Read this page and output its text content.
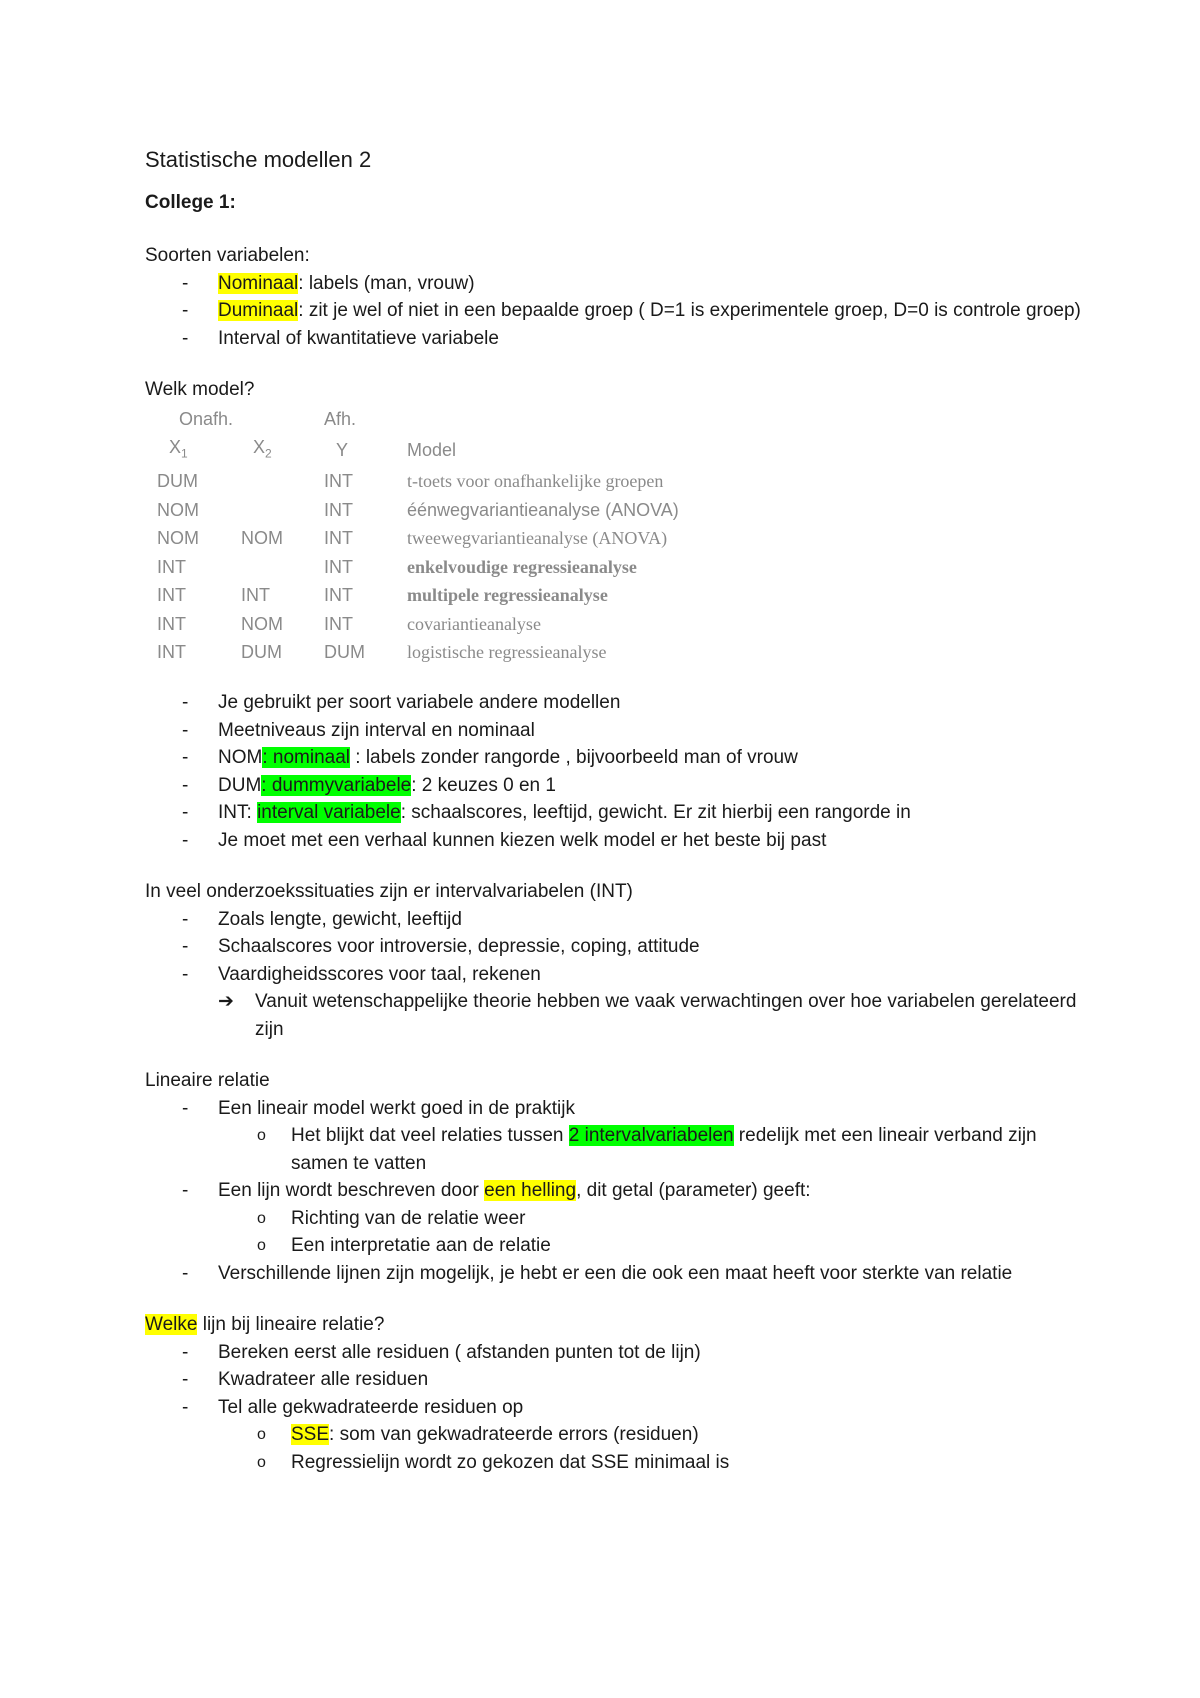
Statistische modellen 2
College 1:
Soorten variabelen:
- Nominaal: labels (man, vrouw)
- Duminaal: zit je wel of niet in een bepaalde groep ( D=1 is experimentele groep, D=0 is controle groep)
- Interval of kwantitatieve variabele
Welk model?
Onafh.		Afh.	
$X_1$	$X_2$	Y	Model
DUM		INT	t-toets voor onafhankelijke groepen
NOM		INT	éénwegvariantieanalyse (ANOVA)
NOM	NOM	INT	tweewegvariantieanalyse (ANOVA)
INT		INT	enkelvoudige regressieanalyse
INT	INT	INT	multipele regressieanalyse
INT	NOM	INT	covariantieanalyse
INT	DUM	DUM	logistische regressieanalyse
- Je gebruikt per soort variabele andere modellen
- Meetniveaus zijn interval en nominaal
- NOM: nominaal : labels zonder rangorde , bijvoorbeeld man of vrouw
- DUM: dummyvariabele: 2 keuzes 0 en 1
- INT: interval variabele: schaalscores, leeftijd, gewicht. Er zit hierbij een rangorde in
- Je moet met een verhaal kunnen kiezen welk model er het beste bij past
In veel onderzoekssituaties zijn er intervalvariabelen (INT)
- Zoals lengte, gewicht, leeftijd
- Schaalscores voor introversie, depressie, coping, attitude
- Vaardigheidsscores voor taal, rekenen
➔ Vanuit wetenschappelijke theorie hebben we vaak verwachtingen over hoe variabelen gerelateerd zijn
Lineaire relatie
- Een lineair model werkt goed in de praktijk
o Het blijkt dat veel relaties tussen 2 intervalvariabelen redelijk met een lineair verband zijn samen te vatten
- Een lijn wordt beschreven door een helling, dit getal (parameter) geeft:
o Richting van de relatie weer
o Een interpretatie aan de relatie
- Verschillende lijnen zijn mogelijk, je hebt er een die ook een maat heeft voor sterkte van relatie
Welke lijn bij lineaire relatie?
- Bereken eerst alle residuen ( afstanden punten tot de lijn)
- Kwadrateer alle residuen
- Tel alle gekwadrateerde residuen op
o SSE: som van gekwadrateerde errors (residuen)
o Regressielijn wordt zo gekozen dat SSE minimaal is
